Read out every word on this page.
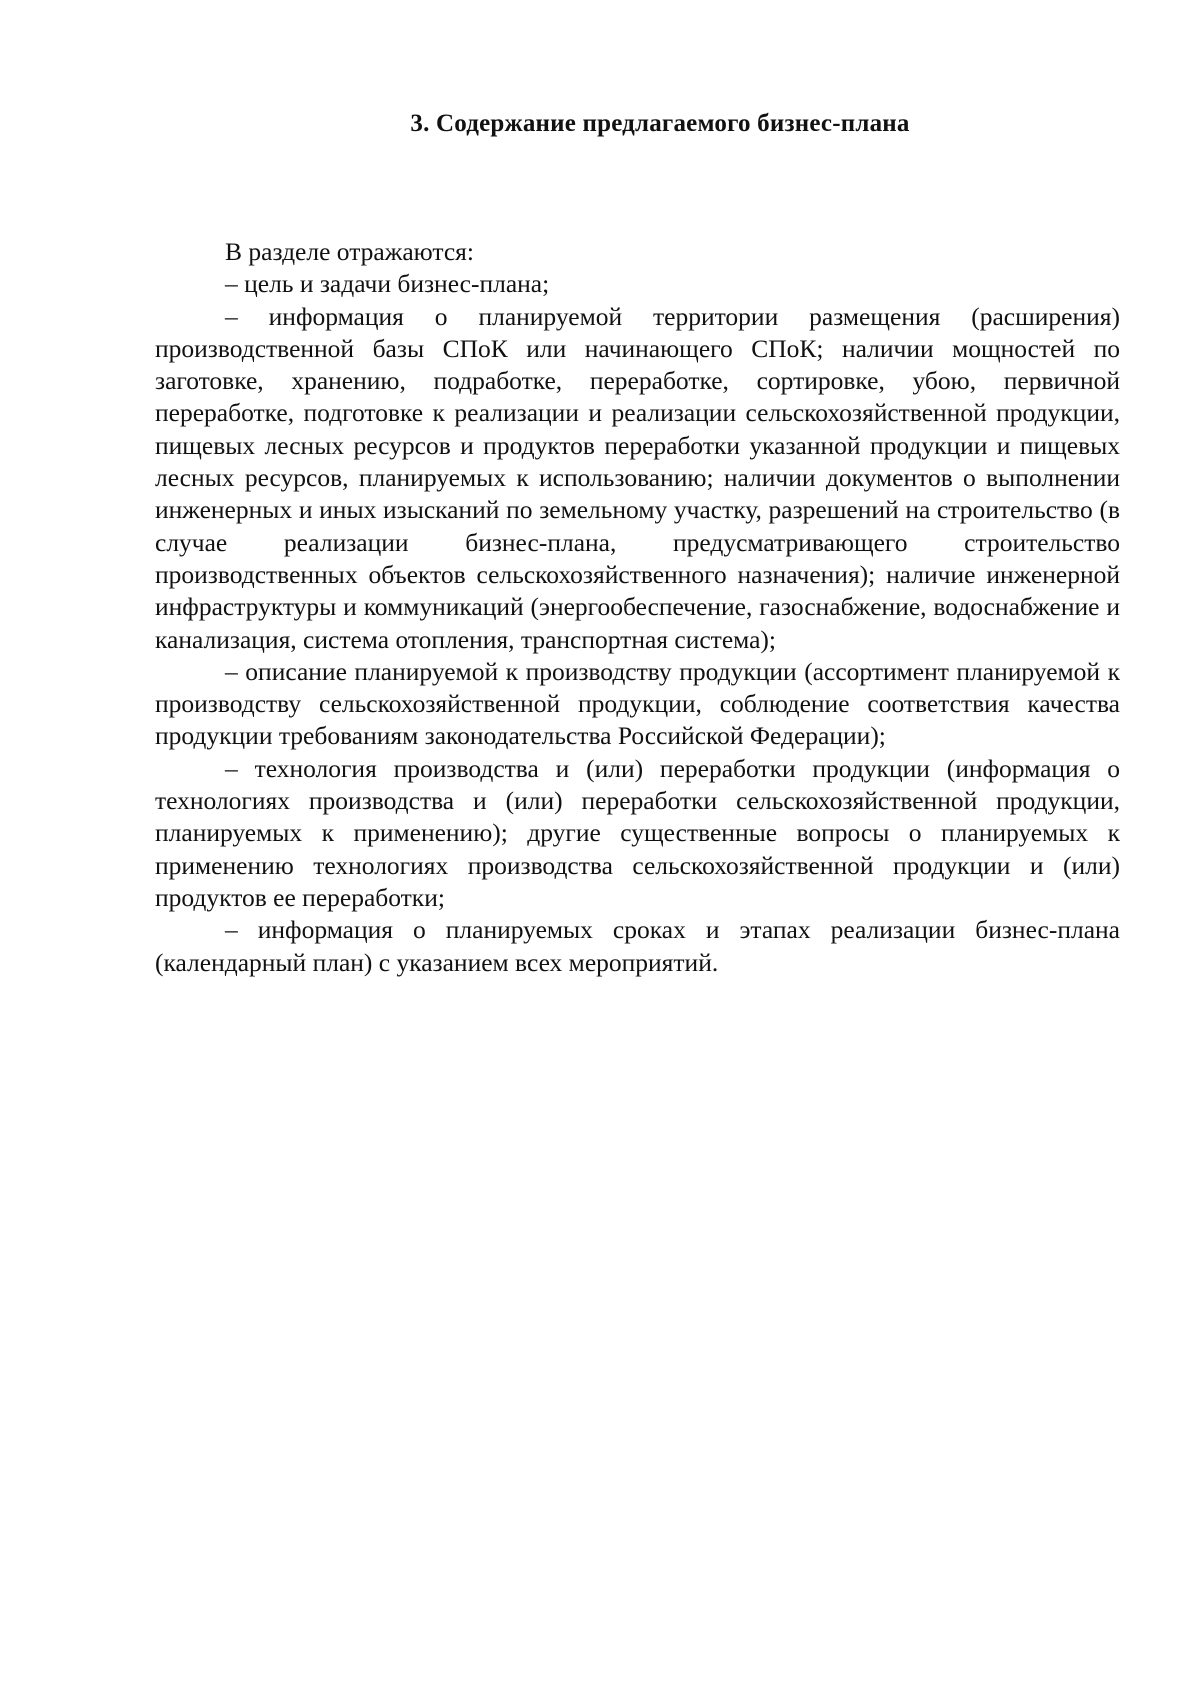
3. Содержание предлагаемого бизнес-плана

В разделе отражаются:

– цель и задачи бизнес-плана;

– информация о планируемой территории размещения (расширения) производственной базы СПоК или начинающего СПоК; наличии мощностей по заготовке, хранению, подработке, переработке, сортировке, убою, первичной переработке, подготовке к реализации и реализации сельскохозяйственной продукции, пищевых лесных ресурсов и продуктов переработки указанной продукции и пищевых лесных ресурсов, планируемых к использованию; наличии документов о выполнении инженерных и иных изысканий по земельному участку, разрешений на строительство (в случае реализации бизнес-плана, предусматривающего строительство производственных объектов сельскохозяйственного назначения); наличие инженерной инфраструктуры и коммуникаций (энергообеспечение, газоснабжение, водоснабжение и канализация, система отопления, транспортная система);

– описание планируемой к производству продукции (ассортимент планируемой к производству сельскохозяйственной продукции, соблюдение соответствия качества продукции требованиям законодательства Российской Федерации);

– технология производства и (или) переработки продукции (информация о технологиях производства и (или) переработки сельскохозяйственной продукции, планируемых к применению); другие существенные вопросы о планируемых к применению технологиях производства сельскохозяйственной продукции и (или) продуктов ее переработки;

– информация о планируемых сроках и этапах реализации бизнес-плана (календарный план) с указанием всех мероприятий.
